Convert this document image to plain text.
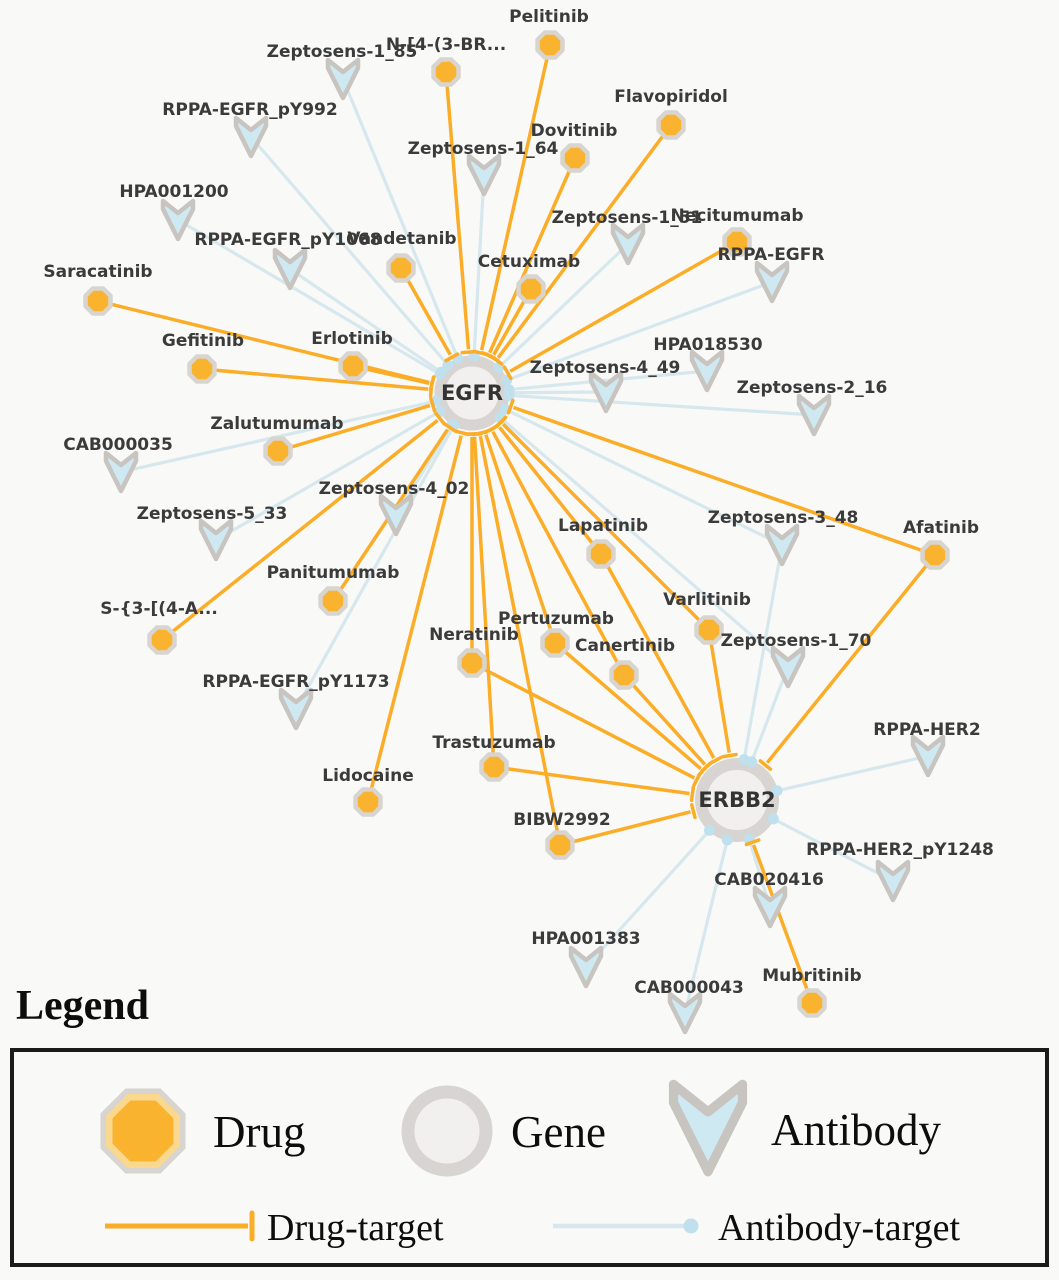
EGFR
ERBB2
Zeptosens-1_85
RPPA-EGFR_pY992
HPA001200
Zeptosens-1_64
Zeptosens-1_51
RPPA-EGFR_pY1068
RPPA-EGFR
HPA018530
Zeptosens-4_49
Zeptosens-2_16
CAB000035
Zeptosens-4_02
Zeptosens-5_33	Zeptosens-3_48
Zeptosens-1_70
RPPA-EGFR_pY1173
RPPA-HER2
RPPA-HER2_pY1248
CAB020416
HPA001383
CAB000043
Pelitinib
N-[4-(3-BR...
Flavopiridol
Dovitinib
Necitumumab
Vandetanib
Cetuximab
Saracatinib
Gefitinib	Erlotinib
Zalutumumab
Panitumumab
S-{3-[(4-A...
Lapatinib	Afatinib
Varlitinib
Pertuzumab
Neratinib
Canertinib
Trastuzumab
Lidocaine
BIBW2992
Mubritinib
Legend
Drug	Gene	Antibody
Drug-target	Antibody-target
